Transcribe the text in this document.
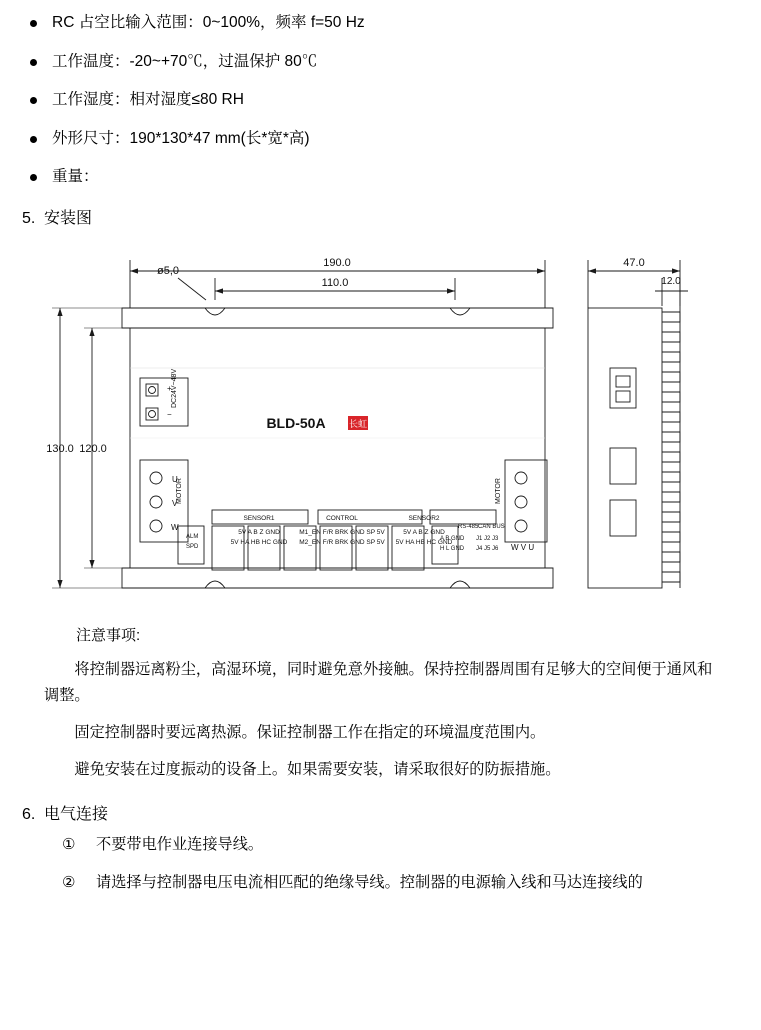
RC 占空比输入范围：0~100%，频率 f=50 Hz
工作温度：-20~+70℃，过温保护 80℃
工作湿度：相对湿度≤80 RH
外形尺寸：190*130*47 mm(长*宽*高)
重量：
5. 安装图
190.0
110.0
ø5,0
130.0 120.0
47.0
12.0
BLD-50A	长虹
DC24V~48V
+
−
MOTOR
U
V
W
MOTOR
W V U
SENSOR1
5V A B Z GND
5V HA HB HC GND
CONTROL
M1_EN F/R BRK GND SP 5V
M2_EN F/R BRK GND SP 5V
SENSOR2
5V A B Z GND
5V HA HB HC GND
ALM
SPD
RS-485
A B GND
H L GND
CAN BUS
J1 J2 J3
J4 J5 J6
注意事项:

将控制器远离粉尘，高湿环境，同时避免意外接触。保持控制器周围有足够大的空间便于通风和调整。

固定控制器时要远离热源。保证控制器工作在指定的环境温度范围内。

避免安装在过度振动的设备上。如果需要安装，请采取很好的防振措施。

6. 电气连接
① 不要带电作业连接导线。
② 请选择与控制器电压电流相匹配的绝缘导线。控制器的电源输入线和马达连接线的
